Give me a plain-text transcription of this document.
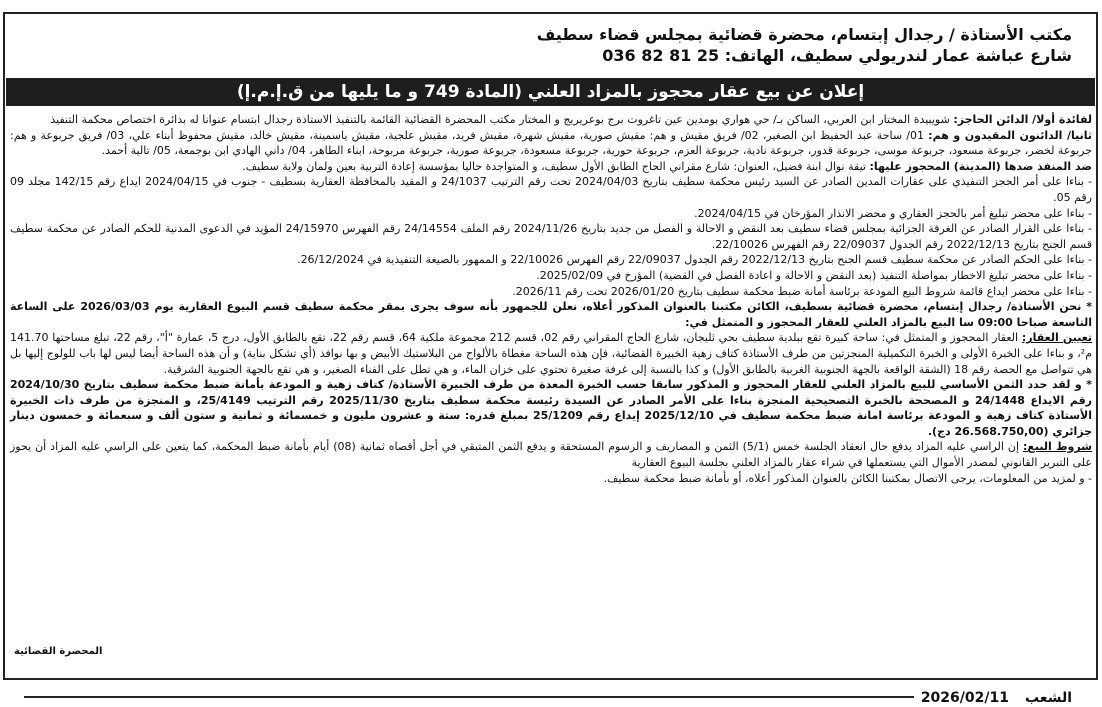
مكتب الأستاذة / رجدال إبتسام، محضرة قضائية بمجلس قضاء سطيف
شارع عباشة عمار لندريولي سطيف، الهاتف: 25 81 82 036
إعلان عن بيع عقار محجوز بالمزاد العلني (المادة 749 و ما يليها من ق.إ.م.إ)

لفائدة أولا/ الدائن الحاجز: شويبيدة المختار ابن العربي، الساكن بـ/ حي هواري بومدين عين تاغروت برج بوعريريج و المختار مكتب المحضرة القضائية القائمة بالتنفيذ الاستاذة رجدال ابتسام عنوانا له بدائرة اختصاص محكمة التنفيذ

ثانيا/ الدائنون المقيدون و هم: 01/ ساحة عبد الحفيظ ابن الصغير، 02/ فريق مقيش و هم: مقيش صورية، مقيش شهرة، مقيش فريد، مقيش علجية، مقيش ياسمينة، مقيش خالد، مقيش محفوظ أبناء علي، 03/ فريق جربوعة و هم: جربوعة لخضر، جربوعة مسعود، جربوعة موسى، جربوعة قدور، جربوعة نادية، جربوعة العزم، جربوعة حورية، جربوعة مسعودة، جربوعة صورية، جربوعة مربوحة، ابناء الطاهر، 04/ داني الهادي ابن بوجمعة، 05/ تالية أحمد.

ضد المنفذ ضدها (المدينة) المحجوز عليها: تيقة نوال ابنة فضيل، العنوان: شارع مقراني الحاج الطابق الأول سطيف، و المتواجدة حاليا بمؤسسة إعادة التربية بعين ولمان ولاية سطيف.

- بناءا على أمر الحجز التنفيذي على عقارات المدين الصادر عن السيد رئيس محكمة سطيف بتاريخ 2024/04/03 تحت رقم الترتيب 24/1037 و المقيد بالمحافظة العقارية بسطيف - جنوب في 2024/04/15 ايداع رقم 142/15 مجلد 09 رقم 05.

- بناءا على محضر تبليغ أمر بالحجز العقاري و محضر الانذار المؤرخان في 2024/04/15.

- بناءا على القرار الصادر عن الغرفة الجزائية بمجلس قضاء سطيف بعد النقض و الاحالة و الفصل من جديد بتاريخ 2024/11/26 رقم الملف 24/14554 رقم الفهرس 24/15970 المؤيد في الدعوى المدنية للحكم الصادر عن محكمة سطيف قسم الجنح بتاريخ 2022/12/13 رقم الجدول 22/09037 رقم الفهرس 22/10026.

- بناءا على الحكم الصادر عن محكمة سطيف قسم الجنح بتاريخ 2022/12/13 رقم الجدول 22/09037 رقم الفهرس 22/10026 و الممهور بالصيغة التنفيذية في 26/12/2024.

- بناءا على محضر تبليغ الاخطار بمواصلة التنفيذ (بعد النقض و الاحالة و اعادة الفصل في القضية) المؤرخ في 2025/02/09.

- بناءا على محضر ايداع قائمة شروط البيع المودعة برئاسة أمانة ضبط محكمة سطيف بتاريخ 2026/01/20 تحت رقم 2026/11.

* نحن الأستاذة/ رجدال إبتسام، محضرة قضائية بسطيف، الكائن مكتبنا بالعنوان المذكور أعلاه، نعلن للجمهور بأنه سوف يجرى بمقر محكمة سطيف قسم البيوع العقارية يوم 2026/03/03 على الساعة التاسعة صباحا 09:00 سا البيع بالمزاد العلني للعقار المحجوز و المتمثل في:

تعيين العقار: العقار المحجوز و المتمثل في: ساحة كبيرة تقع ببلدية سطيف بحي ثليجان، شارع الحاج المقراني رقم 02، قسم 212 مجموعة ملكية 64، قسم رقم 22، تقع بالطابق الأول، درج 5، عمارة "أ"، رقم 22، تبلغ مساحتها 141.70 م²، و بناءا على الخبرة الأولى و الخبرة التكميلية المنجزتين من طرف الأستاذة كتاف زهية الخبيرة القضائية، فإن هذه الساحة مغطاة بالألواح من البلاستيك الأبيض و بها نوافذ (أي تشكل بناية) و أن هذه الساحة أيضا ليس لها باب للولوج إليها بل هي تتواصل مع الحصة رقم 18 (الشقة الواقعة بالجهة الجنوبية الغربية بالطابق الأول) و كذا بالنسبة إلى غرفة صغيرة تحتوي على خزان الماء، و هي تطل على الفناء الصغير، و هي تقع بالجهة الجنوبية الشرقية.

* و لقد حدد الثمن الأساسي للبيع بالمزاد العلني للعقار المحجوز و المذكور سابقا حسب الخبرة المعدة من طرف الخبيرة الأستاذة/ كتاف زهية و المودعة بأمانة ضبط محكمة سطيف بتاريخ 2024/10/30 رقم الايداع 24/1448 و المصححة بالخبرة التصحيحية المنجزة بناءا على الأمر الصادر عن السيدة رئيسة محكمة سطيف بتاريخ 2025/11/30 رقم الترتيب 25/4149، و المنجزة من طرف ذات الخبيرة الأستاذة كتاف زهية و المودعة برئاسة امانة ضبط محكمة سطيف في 2025/12/10 إيداع رقم 25/1209 بمبلغ قدره: ستة و عشرون مليون و خمسمائة و ثمانية و ستون ألف و سبعمائة و خمسون دينار جزائري (26.568.750,00 دج).

شروط البيع: إن الراسي عليه المزاد يدفع حال انعقاد الجلسة خمس (5/1) الثمن و المصاريف و الرسوم المستحقة و يدفع الثمن المتبقي في أجل أقصاه ثمانية (08) أيام بأمانة ضبط المحكمة، كما يتعين على الراسي عليه المزاد أن يحوز على التبرير القانوني لمصدر الأموال التي يستعملها في شراء عقار بالمزاد العلني بجلسة البيوع العقارية

- و لمزيد من المعلومات، يرجى الاتصال بمكتبنا الكائن بالعنوان المذكور أعلاه، أو بأمانة ضبط محكمة سطيف.

المحضرة القضائية
الشعب
2026/02/11
